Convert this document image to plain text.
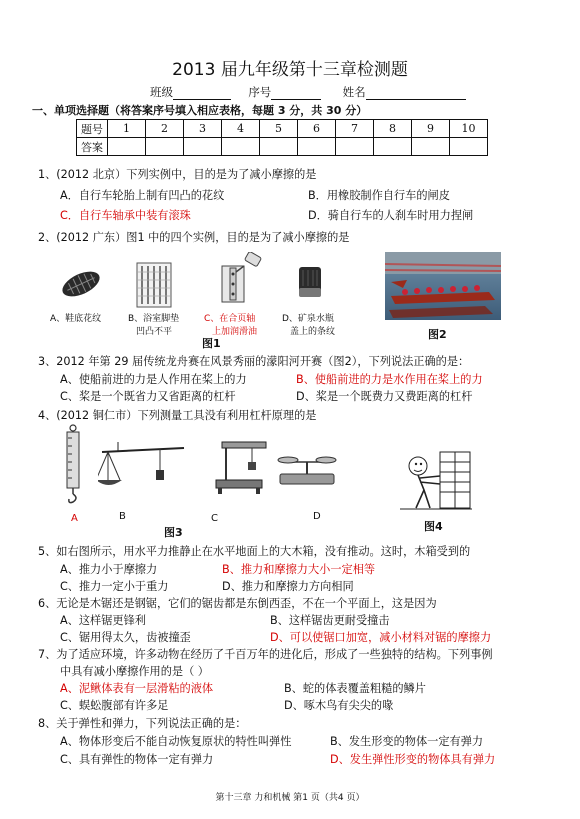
2013 届九年级第十三章检测题
班级	序号	姓名
一、单项选择题（将答案序号填入相应表格，每题 3 分，共 30 分）
题号	1	2	3	4	5	6	7	8	9	10
答案										
1、(2012 北京）下列实例中，目的是为了减小摩擦的是
A．自行车轮胎上制有凹凸的花纹	B．用橡胶制作自行车的闸皮
C．自行车轴承中装有滚珠	D．骑自行车的人刹车时用力捏闸
2、(2012 广东）图1 中的四个实例，目的是为了减小摩擦的是
A、鞋底花纹	B、浴室脚垫
凹凸不平
C、在合页轴
上加润滑油
D、矿泉水瓶
盖上的条纹
图1
图2
3、2012 年第 29 届传统龙舟赛在风景秀丽的濛阳河开赛（图2），下列说法正确的是：
A、使船前进的力是人作用在桨上的力	B、使船前进的力是水作用在桨上的力
C、桨是一个既省力又省距离的杠杆	D、桨是一个既费力又费距离的杠杆
4、(2012 铜仁市）下列测量工具没有利用杠杆原理的是
A	B	C	D
图3	图4
5、如右图所示，用水平力推静止在水平地面上的大木箱，没有推动。这时，木箱受到的
A、推力小于摩擦力	B、推力和摩擦力大小一定相等
C、推力一定小于重力	D、推力和摩擦力方向相同
6、无论是木锯还是钢锯，它们的锯齿都是东倒西歪，不在一个平面上，这是因为
A、这样锯更锋利	B、这样锯齿更耐受撞击
C、锯用得太久，齿被撞歪	D、可以使锯口加宽，减小材料对锯的摩擦力
7、为了适应环境，许多动物在经历了千百万年的进化后，形成了一些独特的结构。下列事例
中具有减小摩擦作用的是（ ）
A、泥鳅体表有一层滑粘的液体	B、蛇的体表覆盖粗糙的鳞片
C、蜈蚣腹部有许多足	D、啄木鸟有尖尖的喙
8、关于弹性和弹力，下列说法正确的是：
A、物体形变后不能自动恢复原状的特性叫弹性	B、发生形变的物体一定有弹力
C、具有弹性的物体一定有弹力	D、发生弹性形变的物体具有弹力
第十三章 力和机械 第1 页（共4 页）
